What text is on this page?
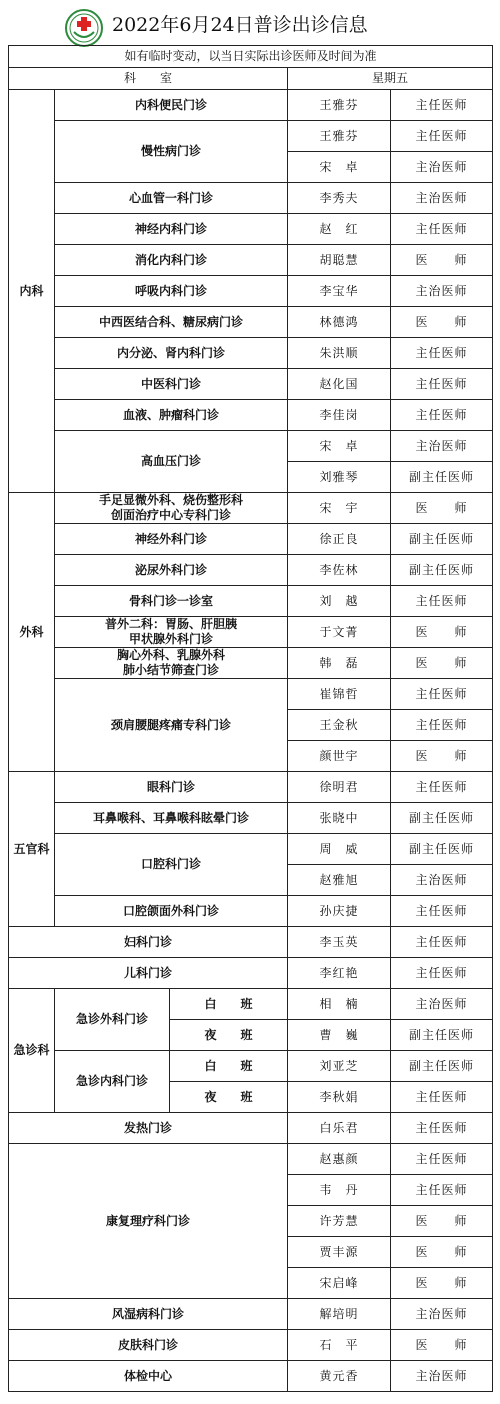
2022年6月24日普诊出诊信息
如有临时变动，以当日实际出诊医师及时间为准				
科　　室			星期五	
内科	内科便民门诊		王雅芬	主任医师
	慢性病门诊		王雅芬	主任医师
			宋　卓	主治医师
	心血管一科门诊		李秀夫	主治医师
	神经内科门诊		赵　红	主任医师
	消化内科门诊		胡聪慧	医　　师
	呼吸内科门诊		李宝华	主治医师
	中西医结合科、糖尿病门诊		林德鸿	医　　师
	内分泌、肾内科门诊		朱洪顺	主任医师
	中医科门诊		赵化国	主任医师
	血液、肿瘤科门诊		李佳岗	主任医师
	高血压门诊		宋　卓	主治医师
			刘雅琴	副主任医师
外科	手足显微外科、烧伤整形科
创面治疗中心专科门诊		宋　宇	医　　师
	神经外科门诊		徐正良	副主任医师
	泌尿外科门诊		李佐林	副主任医师
	骨科门诊一诊室		刘　越	主任医师
	普外二科：胃肠、肝胆胰
甲状腺外科门诊		于文菁	医　　师
	胸心外科、乳腺外科
肺小结节筛查门诊		韩　磊	医　　师
	颈肩腰腿疼痛专科门诊		崔锦哲	主任医师
			王金秋	主任医师
			颜世宇	医　　师
五官科	眼科门诊		徐明君	主任医师
	耳鼻喉科、耳鼻喉科眩晕门诊		张晓中	副主任医师
	口腔科门诊		周　威	副主任医师
			赵雅旭	主治医师
	口腔颌面外科门诊		孙庆捷	主任医师
妇科门诊			李玉英	主任医师
儿科门诊			李红艳	主任医师
急诊科	急诊外科门诊	白　　班	相　楠	主治医师
		夜　　班	曹　巍	副主任医师
	急诊内科门诊	白　　班	刘亚芝	副主任医师
		夜　　班	李秋娟	主任医师
发热门诊			白乐君	主任医师
康复理疗科门诊			赵惠颜	主任医师
			韦　丹	主任医师
			许芳慧	医　　师
			贾丰源	医　　师
			宋启峰	医　　师
风湿病科门诊			解培明	主治医师
皮肤科门诊			石　平	医　　师
体检中心			黄元香	主治医师
